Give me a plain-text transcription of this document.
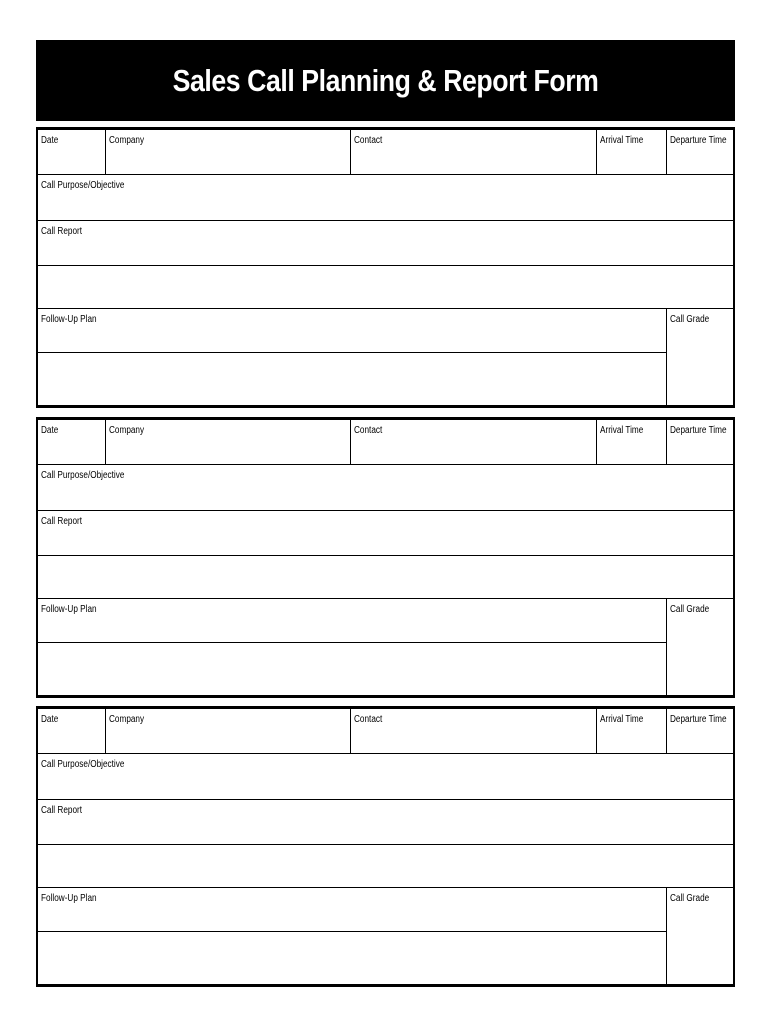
Sales Call Planning & Report Form
Date	Company	Contact	Arrival Time	Departure Time
Call Purpose/Objective
Call Report
Follow-Up Plan	Call Grade
Date	Company	Contact	Arrival Time	Departure Time
Call Purpose/Objective
Call Report
Follow-Up Plan	Call Grade
Date	Company	Contact	Arrival Time	Departure Time
Call Purpose/Objective
Call Report
Follow-Up Plan	Call Grade
